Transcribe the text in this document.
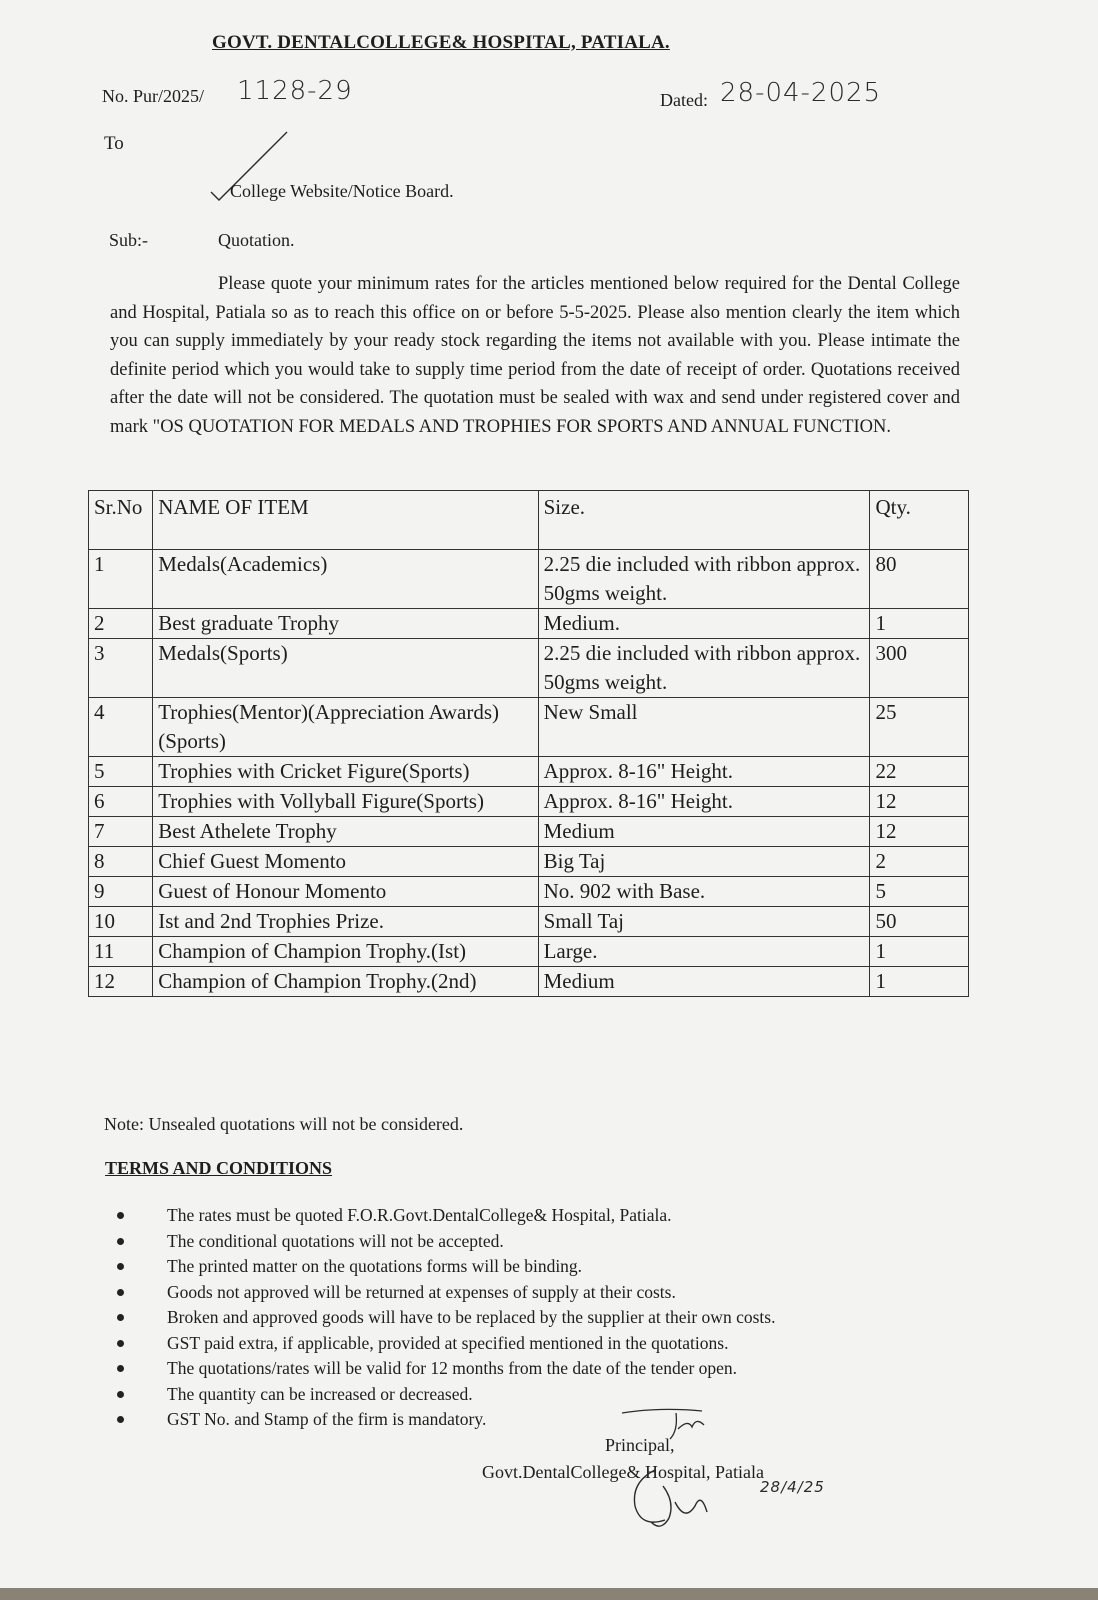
GOVT. DENTALCOLLEGE& HOSPITAL, PATIALA.
No. Pur/2025/ 1128-29	Dated: 28-04-2025
To
College Website/Notice Board.
Sub:-	Quotation.
Please quote your minimum rates for the articles mentioned below required for the Dental College and Hospital, Patiala so as to reach this office on or before 5-5-2025. Please also mention clearly the item which you can supply immediately by your ready stock regarding the items not available with you. Please intimate the definite period which you would take to supply time period from the date of receipt of order. Quotations received after the date will not be considered. The quotation must be sealed with wax and send under registered cover and mark "OS QUOTATION FOR MEDALS AND TROPHIES FOR SPORTS AND ANNUAL FUNCTION.
Sr.No	NAME OF ITEM	Size.	Qty.
1	Medals(Academics)	2.25 die included with ribbon approx. 50gms weight.	80
2	Best graduate Trophy	Medium.	1
3	Medals(Sports)	2.25 die included with ribbon approx. 50gms weight.	300
4	Trophies(Mentor)(Appreciation Awards)(Sports)	New Small	25
5	Trophies with Cricket Figure(Sports)	Approx. 8-16" Height.	22
6	Trophies with Vollyball Figure(Sports)	Approx. 8-16" Height.	12
7	Best Athelete Trophy	Medium	12
8	Chief Guest Momento	Big Taj	2
9	Guest of Honour Momento	No. 902 with Base.	5
10	Ist and 2nd Trophies Prize.	Small Taj	50
11	Champion of Champion Trophy.(Ist)	Large.	1
12	Champion of Champion Trophy.(2nd)	Medium	1
Note: Unsealed quotations will not be considered.
TERMS AND CONDITIONS
The rates must be quoted F.O.R.Govt.DentalCollege& Hospital, Patiala.
The conditional quotations will not be accepted.
The printed matter on the quotations forms will be binding.
Goods not approved will be returned at expenses of supply at their costs.
Broken and approved goods will have to be replaced by the supplier at their own costs.
GST paid extra, if applicable, provided at specified mentioned in the quotations.
The quotations/rates will be valid for 12 months from the date of the tender open.
The quantity can be increased or decreased.
GST No. and Stamp of the firm is mandatory.
Principal,
Govt.DentalCollege& Hospital, Patiala
28/4/25
